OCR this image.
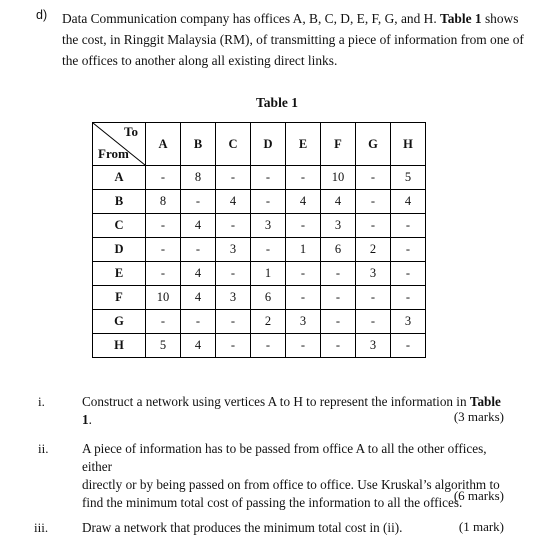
d) Data Communication company has offices A, B, C, D, E, F, G, and H. Table 1 shows
the cost, in Ringgit Malaysia (RM), of transmitting a piece of information from one of
the offices to another along all existing direct links.
Table 1
To
From	A	B	C	D	E	F	G	H
A	-	8	-	-	-	10	-	5
B	8	-	4	-	4	4	-	4
C	-	4	-	3	-	3	-	-
D	-	-	3	-	1	6	2	-
E	-	4	-	1	-	-	3	-
F	10	4	3	6	-	-	-	-
G	-	-	-	2	3	-	-	3
H	5	4	-	-	-	-	3	-
i.	Construct a network using vertices A to H to represent the information in Table 1.	(3 marks)
ii.	A piece of information has to be passed from office A to all the other offices, either
directly or by being passed on from office to office. Use Kruskal’s algorithm to
find the minimum total cost of passing the information to all the offices.
(6 marks)
iii.	Draw a network that produces the minimum total cost in (ii).	(1 mark)
